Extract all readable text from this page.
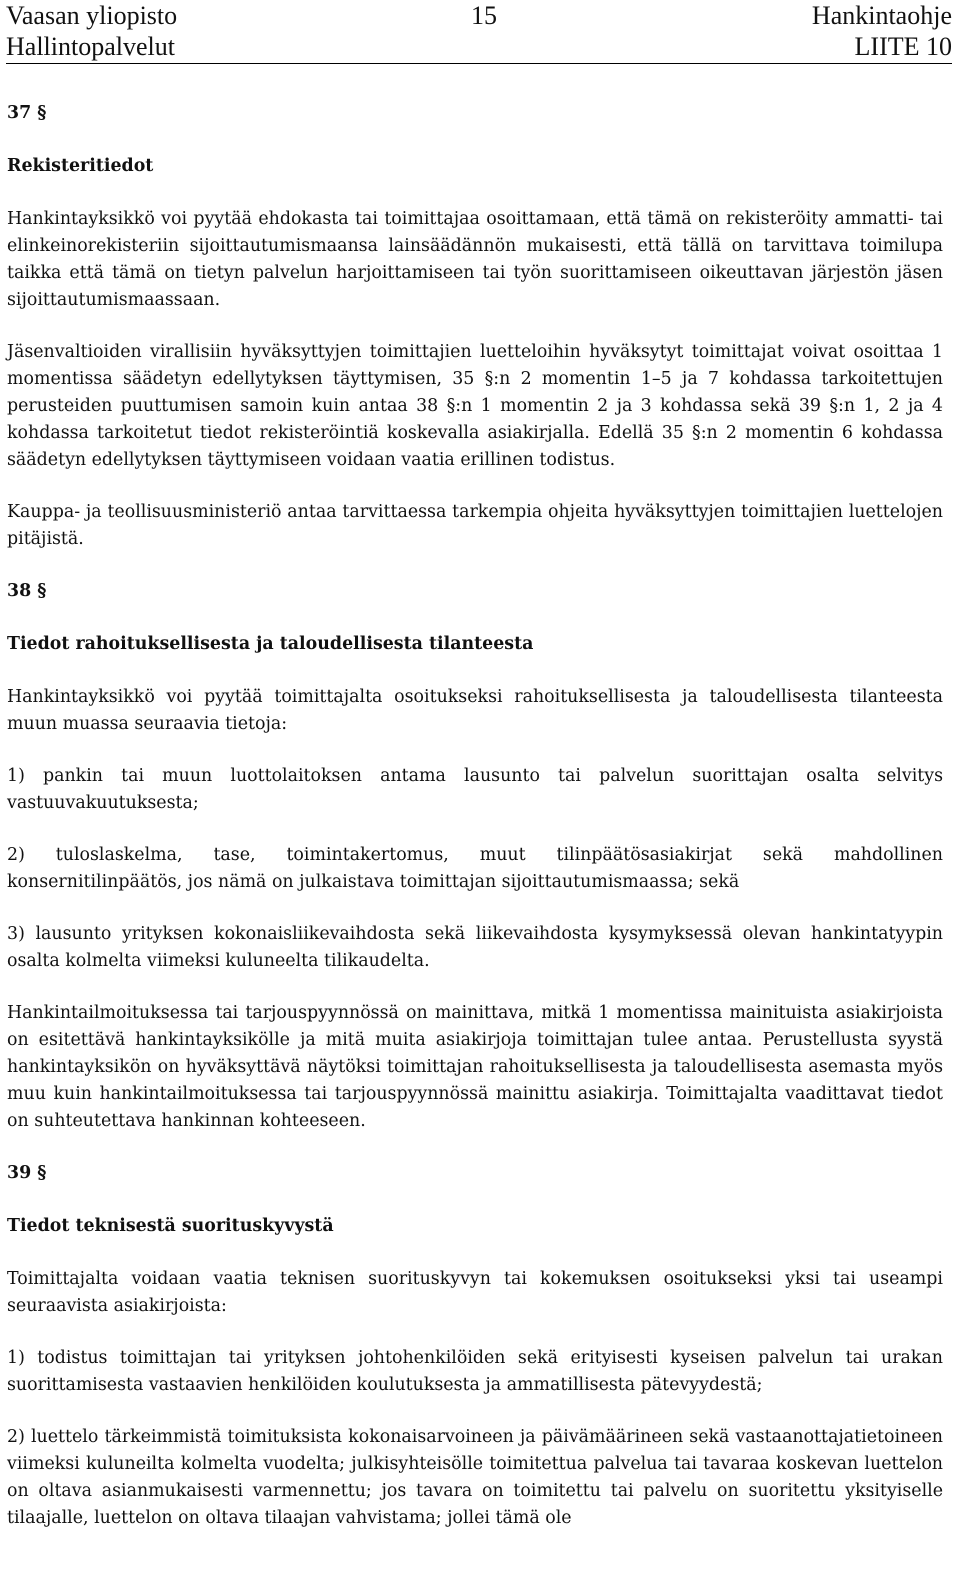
Vaasan yliopisto	15	Hankintaohje
Hallintopalvelut	LIITE 10

37 §

Rekisteritiedot

Hankintayksikkö voi pyytää ehdokasta tai toimittajaa osoittamaan, että tämä on rekisteröity ammatti- tai elinkeinorekisteriin sijoittautumismaansa lainsäädännön mukaisesti, että tällä on tarvittava toimilupa taikka että tämä on tietyn palvelun harjoittamiseen tai työn suorittamiseen oikeuttavan järjestön jäsen sijoittautumismaassaan.

Jäsenvaltioiden virallisiin hyväksyttyjen toimittajien luetteloihin hyväksytyt toimittajat voivat osoittaa 1 momentissa säädetyn edellytyksen täyttymisen, 35 §:n 2 momentin 1–5 ja 7 kohdassa tarkoitettujen perusteiden puuttumisen samoin kuin antaa 38 §:n 1 momentin 2 ja 3 kohdassa sekä 39 §:n 1, 2 ja 4 kohdassa tarkoitetut tiedot rekisteröintiä koskevalla asiakirjalla. Edellä 35 §:n 2 momentin 6 kohdassa säädetyn edellytyksen täyttymiseen voidaan vaatia erillinen todistus.

Kauppa- ja teollisuusministeriö antaa tarvittaessa tarkempia ohjeita hyväksyttyjen toimittajien luettelojen pitäjistä.

38 §

Tiedot rahoituksellisesta ja taloudellisesta tilanteesta

Hankintayksikkö voi pyytää toimittajalta osoitukseksi rahoituksellisesta ja taloudellisesta tilanteesta muun muassa seuraavia tietoja:

1) pankin tai muun luottolaitoksen antama lausunto tai palvelun suorittajan osalta selvitys vastuuvakuutuksesta;

2) tuloslaskelma, tase, toimintakertomus, muut tilinpäätösasiakirjat sekä mahdollinen konsernitilinpäätös, jos nämä on julkaistava toimittajan sijoittautumismaassa; sekä

3) lausunto yrityksen kokonaisliikevaihdosta sekä liikevaihdosta kysymyksessä olevan hankintatyypin osalta kolmelta viimeksi kuluneelta tilikaudelta.

Hankintailmoituksessa tai tarjouspyynnössä on mainittava, mitkä 1 momentissa mainituista asiakirjoista on esitettävä hankintayksikölle ja mitä muita asiakirjoja toimittajan tulee antaa. Perustellusta syystä hankintayksikön on hyväksyttävä näytöksi toimittajan rahoituksellisesta ja taloudellisesta asemasta myös muu kuin hankintailmoituksessa tai tarjouspyynnössä mainittu asiakirja. Toimittajalta vaadittavat tiedot on suhteutettava hankinnan kohteeseen.

39 §

Tiedot teknisestä suorituskyvystä

Toimittajalta voidaan vaatia teknisen suorituskyvyn tai kokemuksen osoitukseksi yksi tai useampi seuraavista asiakirjoista:

1) todistus toimittajan tai yrityksen johtohenkilöiden sekä erityisesti kyseisen palvelun tai urakan suorittamisesta vastaavien henkilöiden koulutuksesta ja ammatillisesta pätevyydestä;

2) luettelo tärkeimmistä toimituksista kokonaisarvoineen ja päivämäärineen sekä vastaanottajatietoineen viimeksi kuluneilta kolmelta vuodelta; julkisyhteisölle toimitettua palvelua tai tavaraa koskevan luettelon on oltava asianmukaisesti varmennettu; jos tavara on toimitettu tai palvelu on suoritettu yksityiselle tilaajalle, luettelon on oltava tilaajan vahvistama; jollei tämä ole
